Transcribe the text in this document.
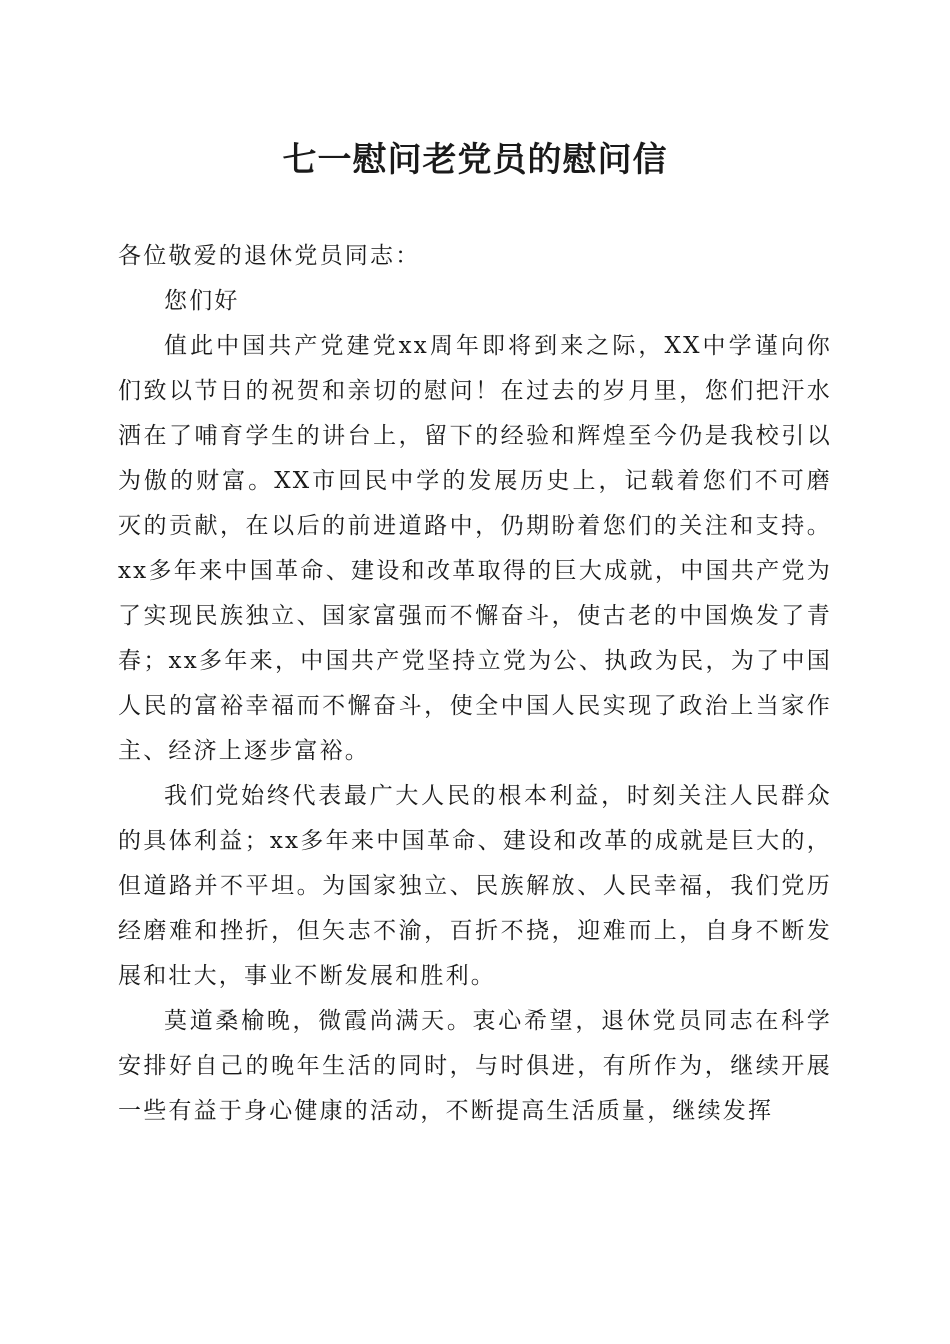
七一慰问老党员的慰问信

各位敬爱的退休党员同志：

您们好

值此中国共产党建党xx周年即将到来之际，XX中学谨向你们致以节日的祝贺和亲切的慰问！在过去的岁月里，您们把汗水洒在了哺育学生的讲台上，留下的经验和辉煌至今仍是我校引以为傲的财富。XX市回民中学的发展历史上，记载着您们不可磨灭的贡献，在以后的前进道路中，仍期盼着您们的关注和支持。xx多年来中国革命、建设和改革取得的巨大成就，中国共产党为了实现民族独立、国家富强而不懈奋斗，使古老的中国焕发了青春；xx多年来，中国共产党坚持立党为公、执政为民，为了中国人民的富裕幸福而不懈奋斗，使全中国人民实现了政治上当家作主、经济上逐步富裕。

我们党始终代表最广大人民的根本利益，时刻关注人民群众的具体利益；xx多年来中国革命、建设和改革的成就是巨大的，但道路并不平坦。为国家独立、民族解放、人民幸福，我们党历经磨难和挫折，但矢志不渝，百折不挠，迎难而上，自身不断发展和壮大，事业不断发展和胜利。

莫道桑榆晚，微霞尚满天。衷心希望，退休党员同志在科学安排好自己的晚年生活的同时，与时俱进，有所作为，继续开展一些有益于身心健康的活动，不断提高生活质量，继续发挥
